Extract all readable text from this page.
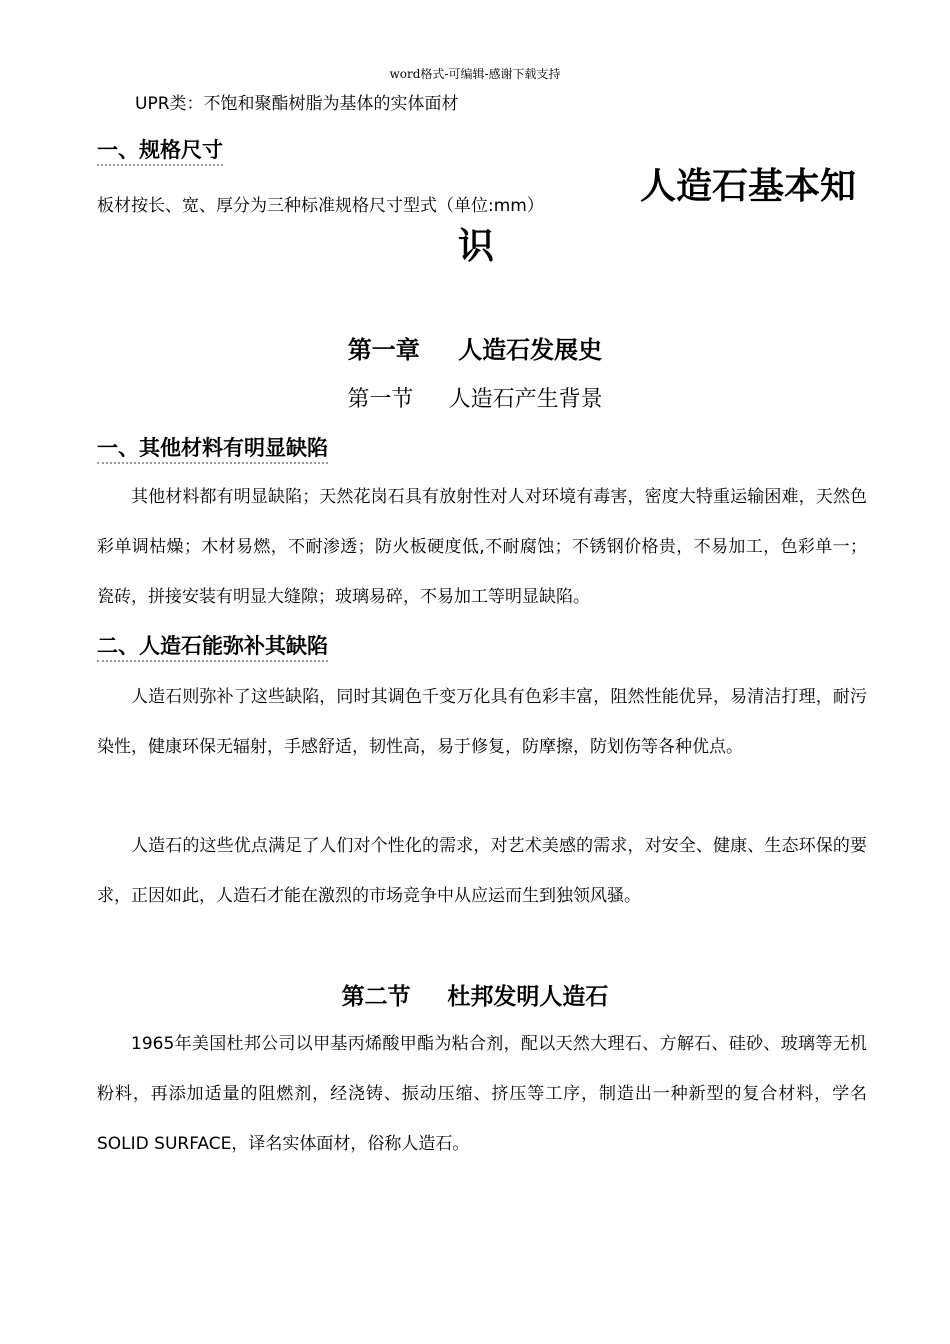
word格式-可编辑-感谢下载支持
UPR类：不饱和聚酯树脂为基体的实体面材
一、规格尺寸
板材按长、宽、厚分为三种标准规格尺寸型式（单位:mm）	人造石基本知
识
第一章 人造石发展史
第一节 人造石产生背景
一、其他材料有明显缺陷
其他材料都有明显缺陷；天然花岗石具有放射性对人对环境有毒害，密度大特重运输困难，天然色彩单调枯燥；木材易燃，不耐渗透；防火板硬度低,不耐腐蚀；不锈钢价格贵，不易加工，色彩单一；瓷砖，拼接安装有明显大缝隙；玻璃易碎，不易加工等明显缺陷。
二、人造石能弥补其缺陷
人造石则弥补了这些缺陷，同时其调色千变万化具有色彩丰富，阻然性能优异，易清洁打理，耐污染性，健康环保无辐射，手感舒适，韧性高，易于修复，防摩擦，防划伤等各种优点。
人造石的这些优点满足了人们对个性化的需求，对艺术美感的需求，对安全、健康、生态环保的要求，正因如此，人造石才能在激烈的市场竞争中从应运而生到独领风骚。
第二节 杜邦发明人造石
1965年美国杜邦公司以甲基丙烯酸甲酯为粘合剂，配以天然大理石、方解石、硅砂、玻璃等无机粉料，再添加适量的阻燃剂，经浇铸、振动压缩、挤压等工序，制造出一种新型的复合材料，学名SOLID SURFACE，译名实体面材，俗称人造石。
